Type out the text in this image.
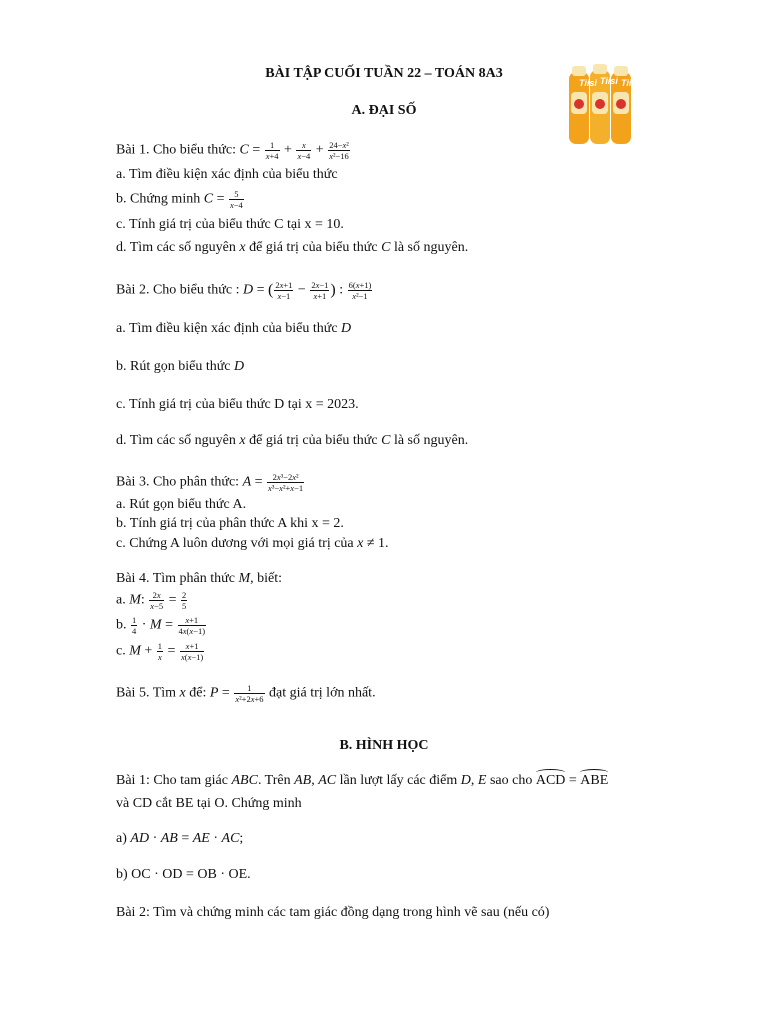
BÀI TẬP CUỐI TUẦN 22 – TOÁN 8A3
A. ĐẠI SỐ
Tiisi Tiisi Tiisi
Bài 1. Cho biểu thức: $C = \frac{1}{x+4} + \frac{x}{x-4} + \frac{\text{24−x²}}{\text{x²−16}}$
a. Tìm điều kiện xác định của biểu thức
b. Chứng minh $C = \frac{5}{x-4}$
c. Tính giá trị của biểu thức C tại x = 10.
d. Tìm các số nguyên x để giá trị của biểu thức C là số nguyên.
Bài 2. Cho biểu thức : D = ( $\frac{2x+1}{x-1} - \frac{2x-1}{x+1}$ ) : $\frac{6(x+1)}{\text{x²−1}}$
a. Tìm điều kiện xác định của biểu thức D
b. Rút gọn biểu thức D
c. Tính giá trị của biểu thức D tại x = 2023.
d. Tìm các số nguyên x để giá trị của biểu thức C là số nguyên.
Bài 3. Cho phân thức: $A = \frac{\text{2x³−2x²}}{\text{x³−x²+x−1}}$
a. Rút gọn biểu thức A.
b. Tính giá trị của phân thức A khi x = 2.
c. Chứng A luôn dương với mọi giá trị của x ≠ 1.
Bài 4. Tìm phân thức M, biết:
a. M: $\frac{2x}{x-5} = \frac{2}{5}$
b. $\frac{1}{4} \cdot M = \frac{x+1}{4x(x-1)}$
c. $M + \frac{1}{x} = \frac{x+1}{x(x-1)}$
Bài 5. Tìm x để: $P = \frac{1}{\text{x²+2x+6}}$ đạt giá trị lớn nhất.
B. HÌNH HỌC
Bài 1: Cho tam giác ABC. Trên AB, AC lần lượt lấy các điểm D, E sao cho ACD = ABE
và CD cắt BE tại O. Chứng minh
a) AD · AB = AE · AC;
b) OC · OD = OB · OE.
Bài 2: Tìm và chứng minh các tam giác đồng dạng trong hình vẽ sau (nếu có)
